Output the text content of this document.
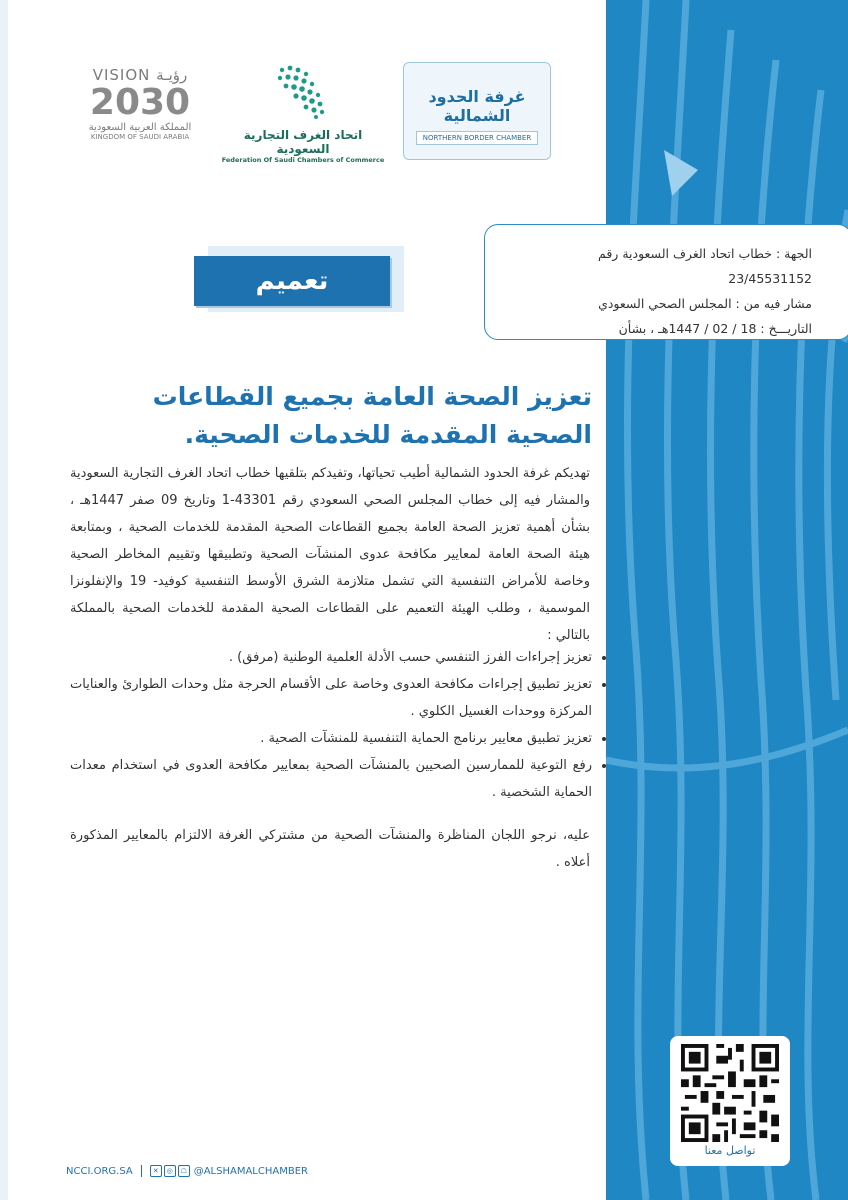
VISION رؤيـة
2030
المملكة العربية السعودية
KINGDOM OF SAUDI ARABIA	اتحاد الغرف التجارية السعودية
Federation Of Saudi Chambers of Commerce
غرفة الحدود الشمالية
NORTHERN BORDER CHAMBER
الجهة : خطاب اتحاد الغرف السعودية رقم 23/45531152
مشار فيه من : المجلس الصحي السعودي
التاريـــخ : 18 / 02 / 1447هـ ، بشأن
تعميم
تعزيز الصحة العامة بجميع القطاعات الصحية المقدمة للخدمات الصحية.
تهديكم غرفة الحدود الشمالية أطيب تحياتها، وتفيدكم بتلقيها خطاب اتحاد الغرف التجارية السعودية والمشار فيه إلى خطاب المجلس الصحي السعودي رقم 43301-1 وتاريخ 09 صفر 1447هـ ، بشأن أهمية تعزيز الصحة العامة بجميع القطاعات الصحية المقدمة للخدمات الصحية ، وبمتابعة هيئة الصحة العامة لمعايير مكافحة عدوى المنشآت الصحية وتطبيقها وتقييم المخاطر الصحية وخاصة للأمراض التنفسية التي تشمل متلازمة الشرق الأوسط التنفسية كوفيد- 19 والإنفلونزا الموسمية ، وطلب الهيئة التعميم على القطاعات الصحية المقدمة للخدمات الصحية بالمملكة بالتالي :
• تعزيز إجراءات الفرز التنفسي حسب الأدلة العلمية الوطنية (مرفق) .
• تعزيز تطبيق إجراءات مكافحة العدوى وخاصة على الأقسام الحرجة مثل وحدات الطوارئ والعنايات المركزة ووحدات الغسيل الكلوي .
• تعزيز تطبيق معايير برنامج الحماية التنفسية للمنشآت الصحية .
• رفع التوعية للممارسين الصحيين بالمنشآت الصحية بمعايير مكافحة العدوى في استخدام معدات الحماية الشخصية .
عليه، نرجو اللجان المناظرة والمنشآت الصحية من مشتركي الغرفة الالتزام بالمعايير المذكورة أعلاه .
تواصل معنا
NCCI.ORG.SA	✕	◎	☖ @ALSHAMALCHAMBER
